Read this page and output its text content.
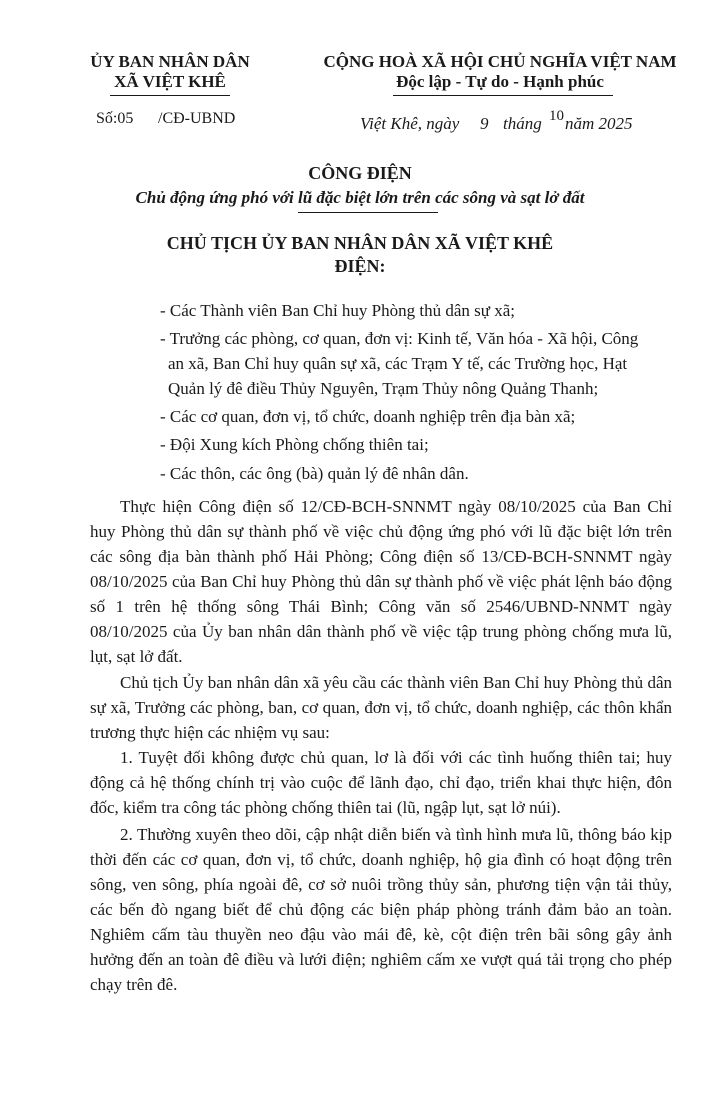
ỦY BAN NHÂN DÂN
XÃ VIỆT KHÊ
CỘNG HOÀ XÃ HỘI CHỦ NGHĨA VIỆT NAM
Độc lập - Tự do - Hạnh phúc
Số:05 /CĐ-UBND	Việt Khê, ngày 9 tháng 10 năm 2025
CÔNG ĐIỆN
Chủ động ứng phó với lũ đặc biệt lớn trên các sông và sạt lở đất
CHỦ TỊCH ỦY BAN NHÂN DÂN XÃ VIỆT KHÊ
ĐIỆN:
- Các Thành viên Ban Chỉ huy Phòng thủ dân sự xã;
- Trưởng các phòng, cơ quan, đơn vị: Kinh tế, Văn hóa - Xã hội, Công
an xã, Ban Chỉ huy quân sự xã, các Trạm Y tế, các Trường học, Hạt
Quản lý đê điều Thủy Nguyên, Trạm Thủy nông Quảng Thanh;
- Các cơ quan, đơn vị, tổ chức, doanh nghiệp trên địa bàn xã;
- Đội Xung kích Phòng chống thiên tai;
- Các thôn, các ông (bà) quản lý đê nhân dân.
Thực hiện Công điện số 12/CĐ-BCH-SNNMT ngày 08/10/2025 của Ban Chỉ huy Phòng thủ dân sự thành phố về việc chủ động ứng phó với lũ đặc biệt lớn trên các sông địa bàn thành phố Hải Phòng; Công điện số 13/CĐ-BCH-SNNMT ngày 08/10/2025 của Ban Chỉ huy Phòng thủ dân sự thành phố về việc phát lệnh báo động số 1 trên hệ thống sông Thái Bình; Công văn số 2546/UBND-NNMT ngày 08/10/2025 của Ủy ban nhân dân thành phố về việc tập trung phòng chống mưa lũ, lụt, sạt lở đất.
Chủ tịch Ủy ban nhân dân xã yêu cầu các thành viên Ban Chỉ huy Phòng thủ dân sự xã, Trưởng các phòng, ban, cơ quan, đơn vị, tổ chức, doanh nghiệp, các thôn khẩn trương thực hiện các nhiệm vụ sau:
1. Tuyệt đối không được chủ quan, lơ là đối với các tình huống thiên tai; huy động cả hệ thống chính trị vào cuộc để lãnh đạo, chỉ đạo, triển khai thực hiện, đôn đốc, kiểm tra công tác phòng chống thiên tai (lũ, ngập lụt, sạt lở núi).
2. Thường xuyên theo dõi, cập nhật diễn biến và tình hình mưa lũ, thông báo kịp thời đến các cơ quan, đơn vị, tổ chức, doanh nghiệp, hộ gia đình có hoạt động trên sông, ven sông, phía ngoài đê, cơ sở nuôi trồng thủy sản, phương tiện vận tải thủy, các bến đò ngang biết để chủ động các biện pháp phòng tránh đảm bảo an toàn. Nghiêm cấm tàu thuyền neo đậu vào mái đê, kè, cột điện trên bãi sông gây ảnh hưởng đến an toàn đê điều và lưới điện; nghiêm cấm xe vượt quá tải trọng cho phép chạy trên đê.
